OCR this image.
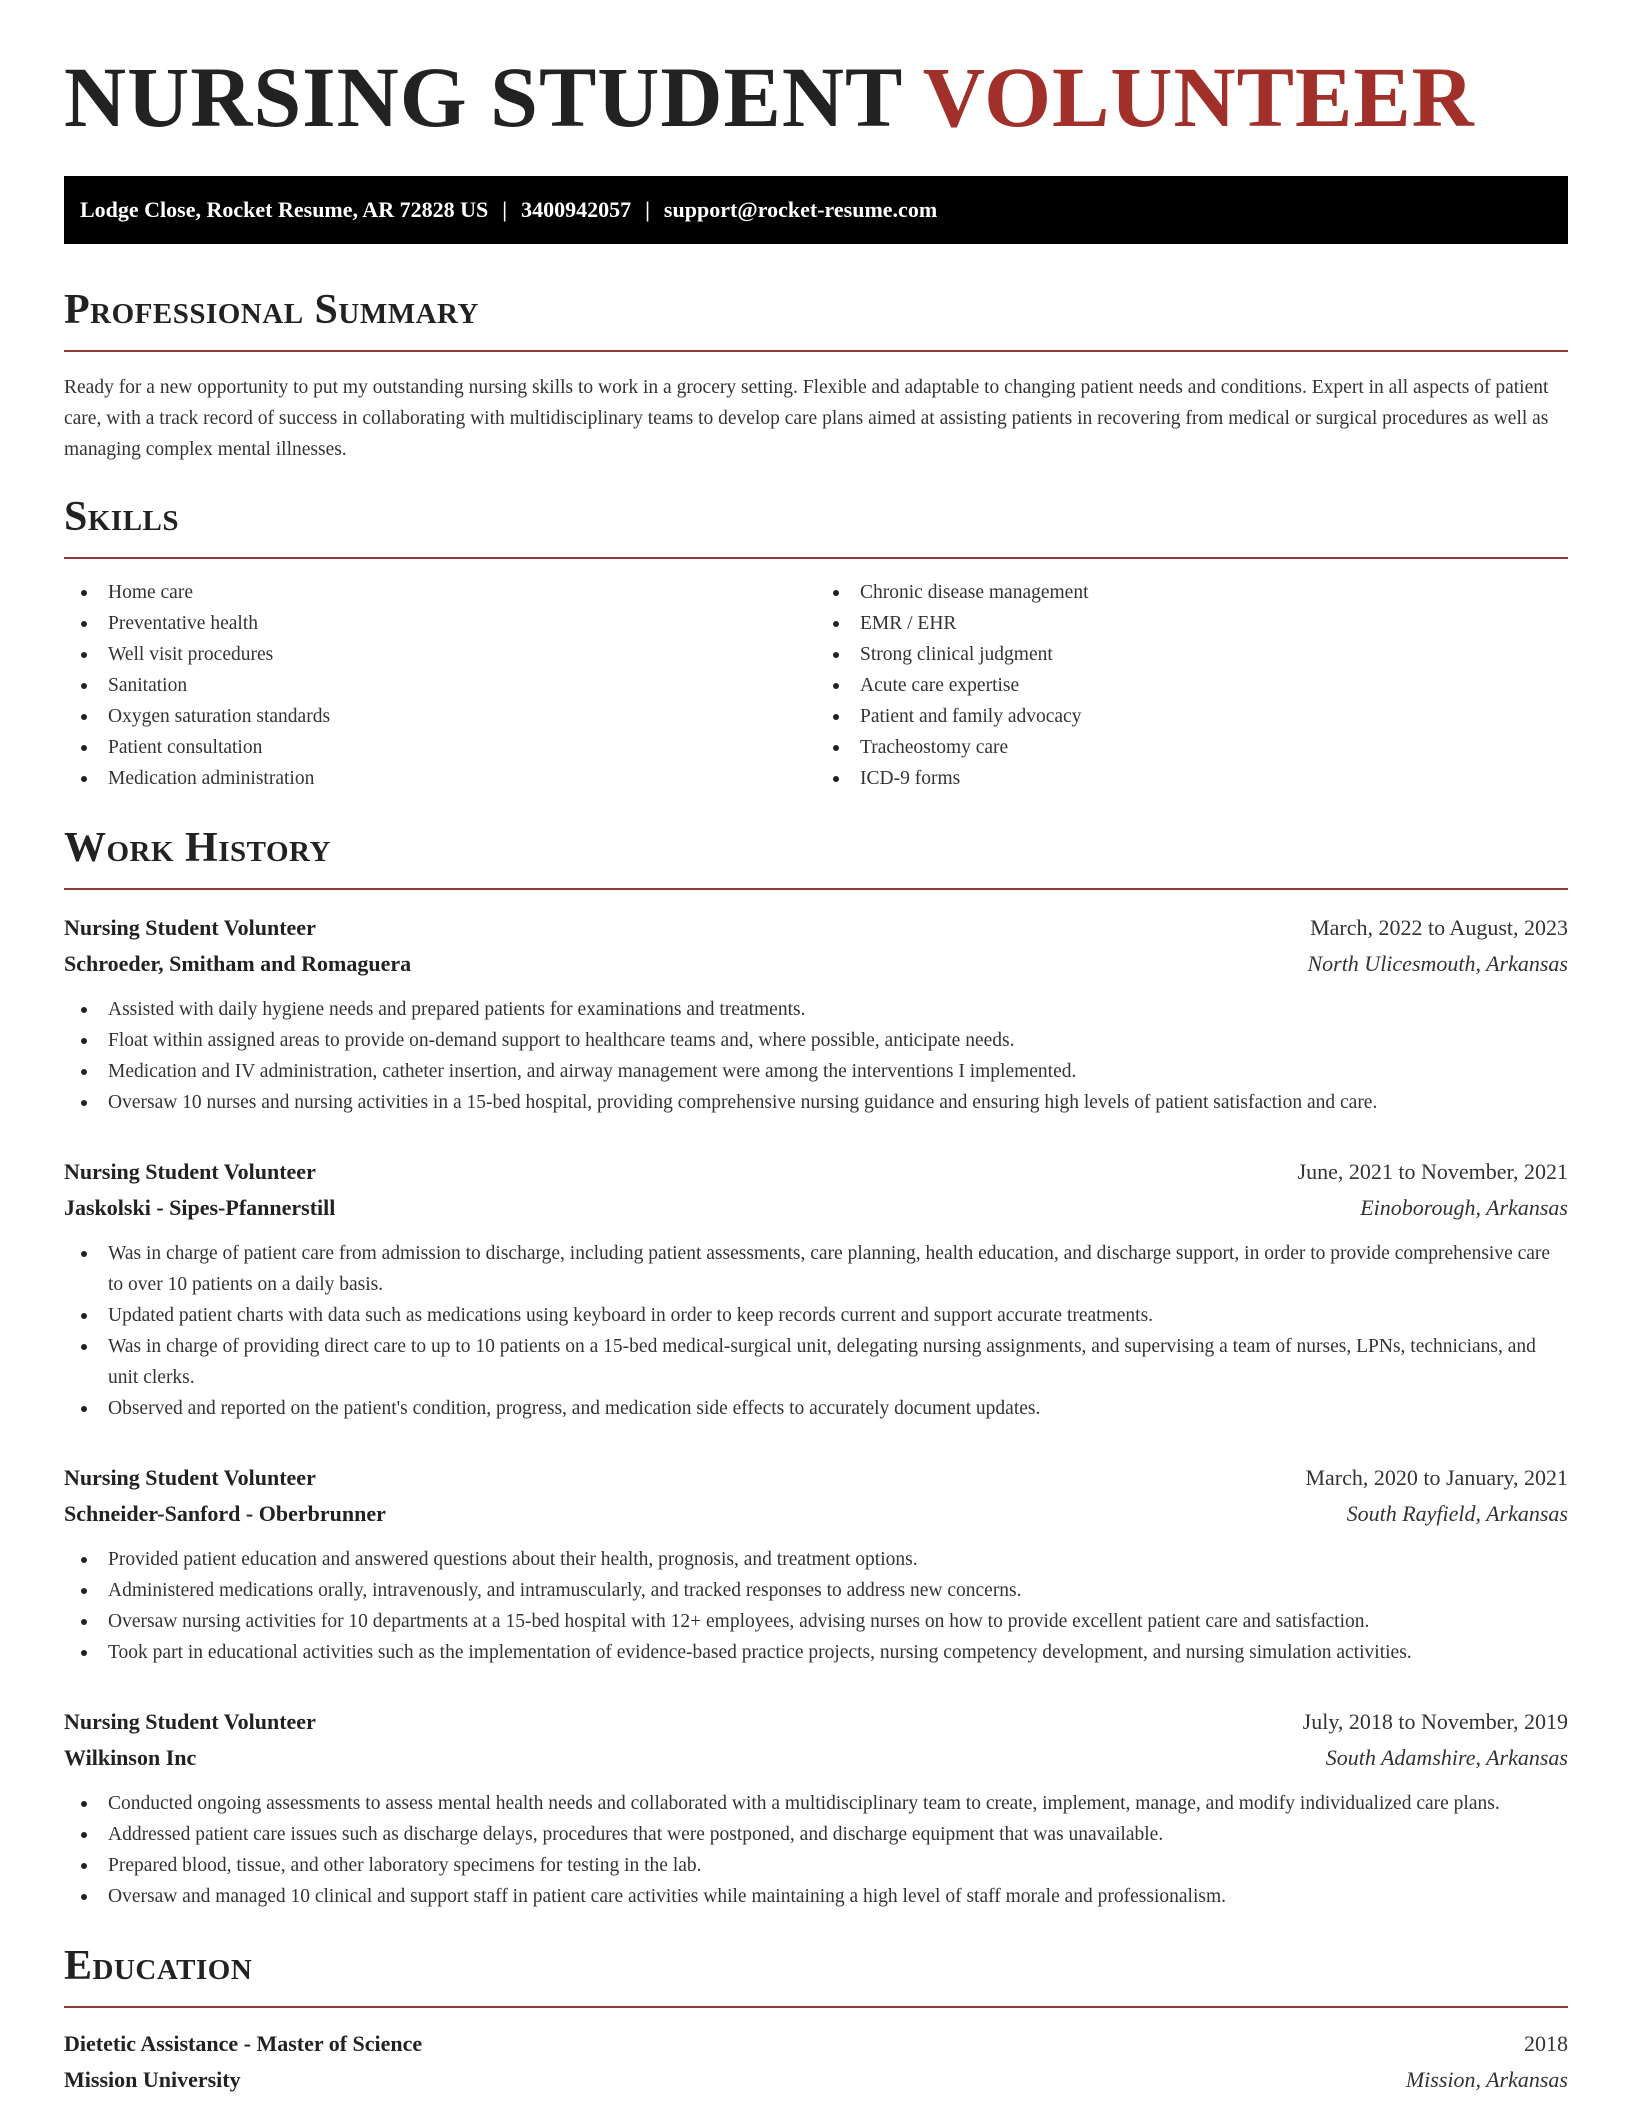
NURSING STUDENT VOLUNTEER
Lodge Close, Rocket Resume, AR 72828 US | 3400942057 | support@rocket-resume.com
Professional Summary

Ready for a new opportunity to put my outstanding nursing skills to work in a grocery setting. Flexible and adaptable to changing patient needs and conditions. Expert in all aspects of patient care, with a track record of success in collaborating with multidisciplinary teams to develop care plans aimed at assisting patients in recovering from medical or surgical procedures as well as managing complex mental illnesses.

Skills
Home care
Preventative health
Well visit procedures
Sanitation
Oxygen saturation standards
Patient consultation
Medication administration
Chronic disease management
EMR / EHR
Strong clinical judgment
Acute care expertise
Patient and family advocacy
Tracheostomy care
ICD-9 forms
Work History
Nursing Student Volunteer	March, 2022 to August, 2023
Schroeder, Smitham and Romaguera	North Ulicesmouth, Arkansas
Assisted with daily hygiene needs and prepared patients for examinations and treatments.
Float within assigned areas to provide on-demand support to healthcare teams and, where possible, anticipate needs.
Medication and IV administration, catheter insertion, and airway management were among the interventions I implemented.
Oversaw 10 nurses and nursing activities in a 15-bed hospital, providing comprehensive nursing guidance and ensuring high levels of patient satisfaction and care.
Nursing Student Volunteer	June, 2021 to November, 2021
Jaskolski - Sipes-Pfannerstill	Einoborough, Arkansas
Was in charge of patient care from admission to discharge, including patient assessments, care planning, health education, and discharge support, in order to provide comprehensive care to over 10 patients on a daily basis.
Updated patient charts with data such as medications using keyboard in order to keep records current and support accurate treatments.
Was in charge of providing direct care to up to 10 patients on a 15-bed medical-surgical unit, delegating nursing assignments, and supervising a team of nurses, LPNs, technicians, and unit clerks.
Observed and reported on the patient's condition, progress, and medication side effects to accurately document updates.
Nursing Student Volunteer	March, 2020 to January, 2021
Schneider-Sanford - Oberbrunner	South Rayfield, Arkansas
Provided patient education and answered questions about their health, prognosis, and treatment options.
Administered medications orally, intravenously, and intramuscularly, and tracked responses to address new concerns.
Oversaw nursing activities for 10 departments at a 15-bed hospital with 12+ employees, advising nurses on how to provide excellent patient care and satisfaction.
Took part in educational activities such as the implementation of evidence-based practice projects, nursing competency development, and nursing simulation activities.
Nursing Student Volunteer	July, 2018 to November, 2019
Wilkinson Inc	South Adamshire, Arkansas
Conducted ongoing assessments to assess mental health needs and collaborated with a multidisciplinary team to create, implement, manage, and modify individualized care plans.
Addressed patient care issues such as discharge delays, procedures that were postponed, and discharge equipment that was unavailable.
Prepared blood, tissue, and other laboratory specimens for testing in the lab.
Oversaw and managed 10 clinical and support staff in patient care activities while maintaining a high level of staff morale and professionalism.
Education
Dietetic Assistance - Master of Science	2018
Mission University	Mission, Arkansas
